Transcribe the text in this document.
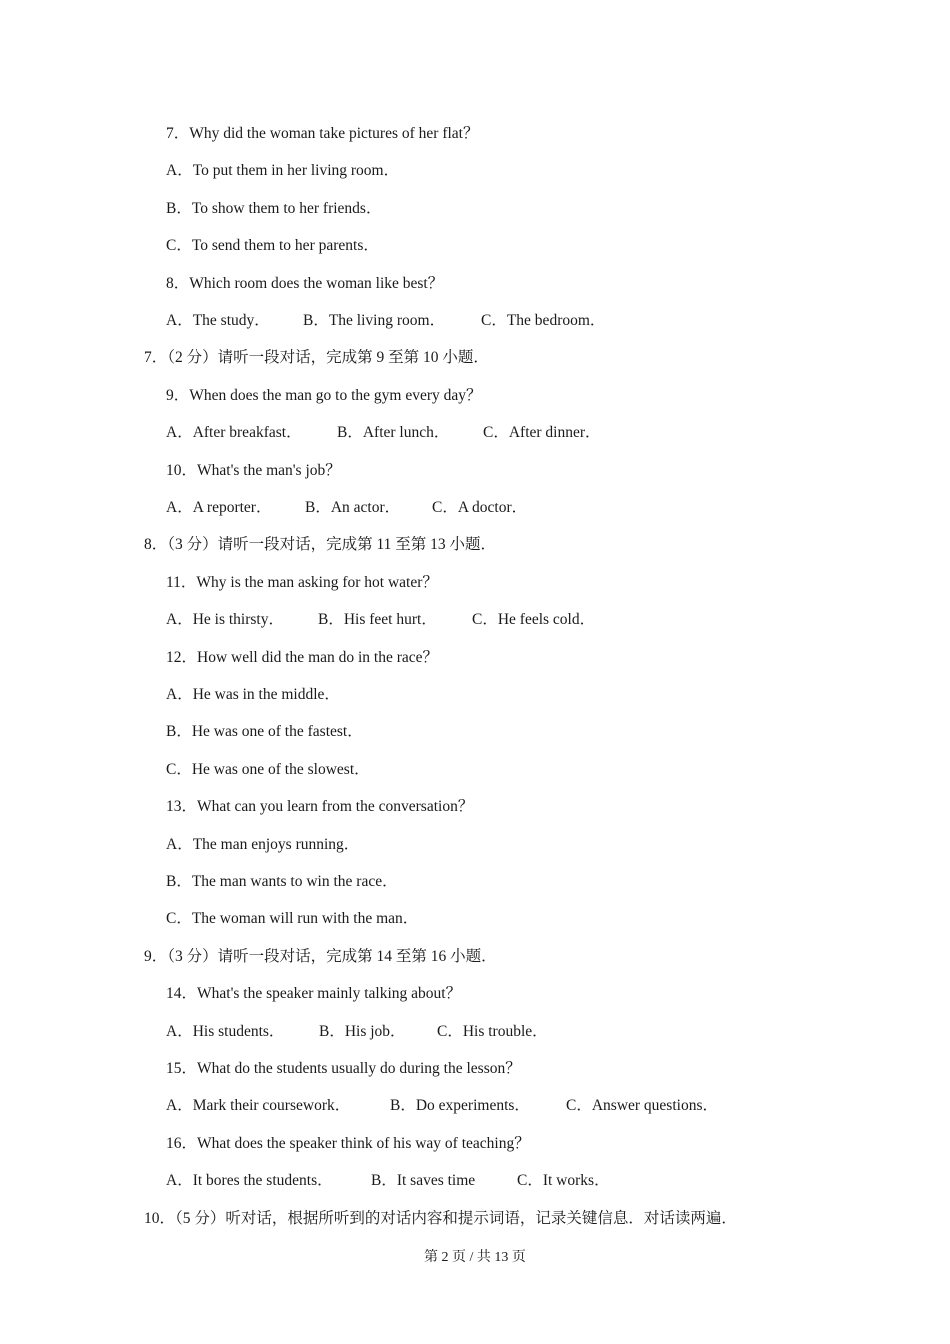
7．Why did the woman take pictures of her flat？
A．To put them in her living room．
B．To show them to her friends．
C．To send them to her parents．
8．Which room does the woman like best？
A．The study． B．The living room． C．The bedroom．
7．（2 分）请听一段对话，完成第 9 至第 10 小题．
9．When does the man go to the gym every day？
A．After breakfast． B．After lunch． C．After dinner．
10．What's the man's job？
A．A reporter． B．An actor． C．A doctor．
8．（3 分）请听一段对话，完成第 11 至第 13 小题．
11．Why is the man asking for hot water？
A．He is thirsty． B．His feet hurt． C．He feels cold．
12．How well did the man do in the race？
A．He was in the middle．
B．He was one of the fastest．
C．He was one of the slowest．
13．What can you learn from the conversation？
A．The man enjoys running．
B．The man wants to win the race．
C．The woman will run with the man．
9．（3 分）请听一段对话，完成第 14 至第 16 小题．
14．What's the speaker mainly talking about？
A．His students． B．His job． C．His trouble．
15．What do the students usually do during the lesson？
A．Mark their coursework．	B．Do experiments． C．Answer questions．
16．What does the speaker think of his way of teaching？
A．It bores the students． B．It saves time	C．It works．
10．（5 分）听对话，根据所听到的对话内容和提示词语，记录关键信息．对话读两遍．
第 2 页 / 共 13 页
